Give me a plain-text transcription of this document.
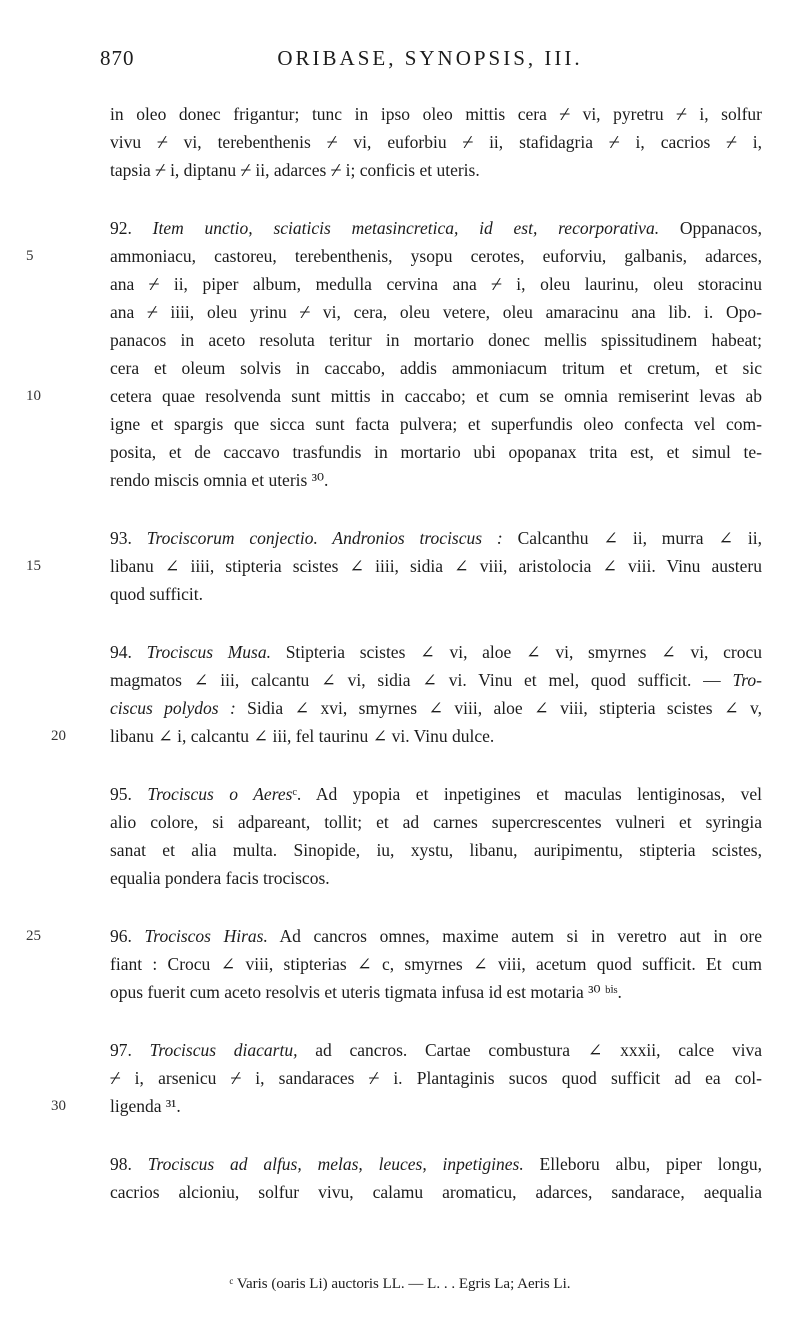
870	ORIBASE, SYNOPSIS, III.
in oleo donec frigantur; tunc in ipso oleo mittis cera ⌿ vi, pyretru ⌿ i, solfur
vivu ⌿ vi, terebenthenis ⌿ vi, euforbiu ⌿ ii, stafidagria ⌿ i, cacrios ⌿ i,
tapsia ⌿ i, diptanu ⌿ ii, adarces ⌿ i; conficis et uteris.
92. Item unctio, sciaticis metasincretica, id est, recorporativa. Oppanacos,
5	ammoniacu, castoreu, terebenthenis, ysopu cerotes, euforviu, galbanis, adarces,
ana ⌿ ii, piper album, medulla cervina ana ⌿ i, oleu laurinu, oleu storacinu
ana ⌿ iiii, oleu yrinu ⌿ vi, cera, oleu vetere, oleu amaracinu ana lib. i. Opo-
panacos in aceto resoluta teritur in mortario donec mellis spissitudinem habeat;
cera et oleum solvis in caccabo, addis ammoniacum tritum et cretum, et sic
10	cetera quae resolvenda sunt mittis in caccabo; et cum se omnia remiserint levas ab
igne et spargis que sicca sunt facta pulvera; et superfundis oleo confecta vel com-
posita, et de caccavo trasfundis in mortario ubi opopanax trita est, et simul te-
rendo miscis omnia et uteris ³⁰.
93. Trociscorum conjectio. Andronios trociscus : Calcanthu ∠ ii, murra ∠ ii,
15	libanu ∠ iiii, stipteria scistes ∠ iiii, sidia ∠ viii, aristolocia ∠ viii. Vinu austeru
quod sufficit.
94. Trociscus Musa. Stipteria scistes ∠ vi, aloe ∠ vi, smyrnes ∠ vi, crocu
magmatos ∠ iii, calcantu ∠ vi, sidia ∠ vi. Vinu et mel, quod sufficit. — Tro-
ciscus polydos : Sidia ∠ xvi, smyrnes ∠ viii, aloe ∠ viii, stipteria scistes ∠ v,
20	libanu ∠ i, calcantu ∠ iii, fel taurinu ∠ vi. Vinu dulce.
95. Trociscus o Aeresᶜ. Ad ypopia et inpetigines et maculas lentiginosas, vel
alio colore, si adpareant, tollit; et ad carnes supercrescentes vulneri et syringia
sanat et alia multa. Sinopide, iu, xystu, libanu, auripimentu, stipteria scistes,
equalia pondera facis trociscos.
25	96. Trociscos Hiras. Ad cancros omnes, maxime autem si in veretro aut in ore
fiant : Crocu ∠ viii, stipterias ∠ c, smyrnes ∠ viii, acetum quod sufficit. Et cum
opus fuerit cum aceto resolvis et uteris tigmata infusa id est motaria ³⁰ ᵇⁱˢ.
97. Trociscus diacartu, ad cancros. Cartae combustura ∠ xxxii, calce viva
⌿ i, arsenicu ⌿ i, sandaraces ⌿ i. Plantaginis sucos quod sufficit ad ea col-
30	ligenda ³¹.
98. Trociscus ad alfus, melas, leuces, inpetigines. Elleboru albu, piper longu,
cacrios alcioniu, solfur vivu, calamu aromaticu, adarces, sandarace, aequalia
ᶜ Varis (oaris Li) auctoris LL. — L. . . Egris La; Aeris Li.
